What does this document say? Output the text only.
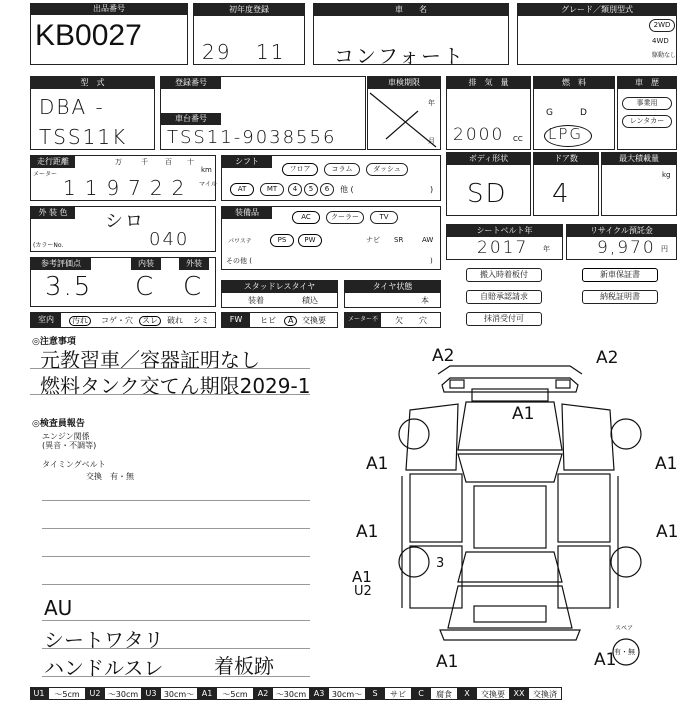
出品番号
KB0027
初年度登録
29 11
車　　名
コンフォート
グレード／類別型式
2WD
4WD
駆動なし
型　式
DBA -
TSS11K
登録番号
車台番号
TSS11-9038556
車検期限
年
月
排　気　量
2000 CC
燃　料
G	D
LPG
車　歴
事業用
レンタカー
走行距離
メーター
万	千 百 十
km
マイル
119722
シフト
フロア	コラム	ダッシュ
AT	MT	4	5	6	他 (	)
ボディ形状
SD
ドア数
4
最大積載量
kg
外 装 色	シロ
(カラーNo.	040
装備品	AC	クーラー	TV
パワステ	PS	PW	ナビ SR	AW
その他 (	)
シートベルト年
2017 年
リサイクル預託金
9,970 円
参考評価点
3.5
内装
C
外装
C	スタッドレスタイヤ
装着	積込
タイヤ状態
本
搬入時着板付	新車保証書
自賠承認請求	納税証明書
抹消受付可
室内	汚れ	コゲ・穴	スレ	破れ シミ	FW	ヒビ	A	交換要	メーター不	欠 穴
◎注意事項
元教習車／容器証明なし
燃料タンク交てん期限2029-1
◎検査員報告
エンジン関係
(異音・不調等)
タイミングベルト
交換　有・無
AU
シートワタリ
ハンドルスレ	着板跡
A2	A2
A1
A1	A1
A1	A1
A1
U2
3
A1	A1
スペア
有・無
U1 ～5cm U2 ～30cm U3 30cm～ A1 ～5cm A2 ～30cm A3 30cm～ S サビ C 腐食 X 交換要 XX 交換済
